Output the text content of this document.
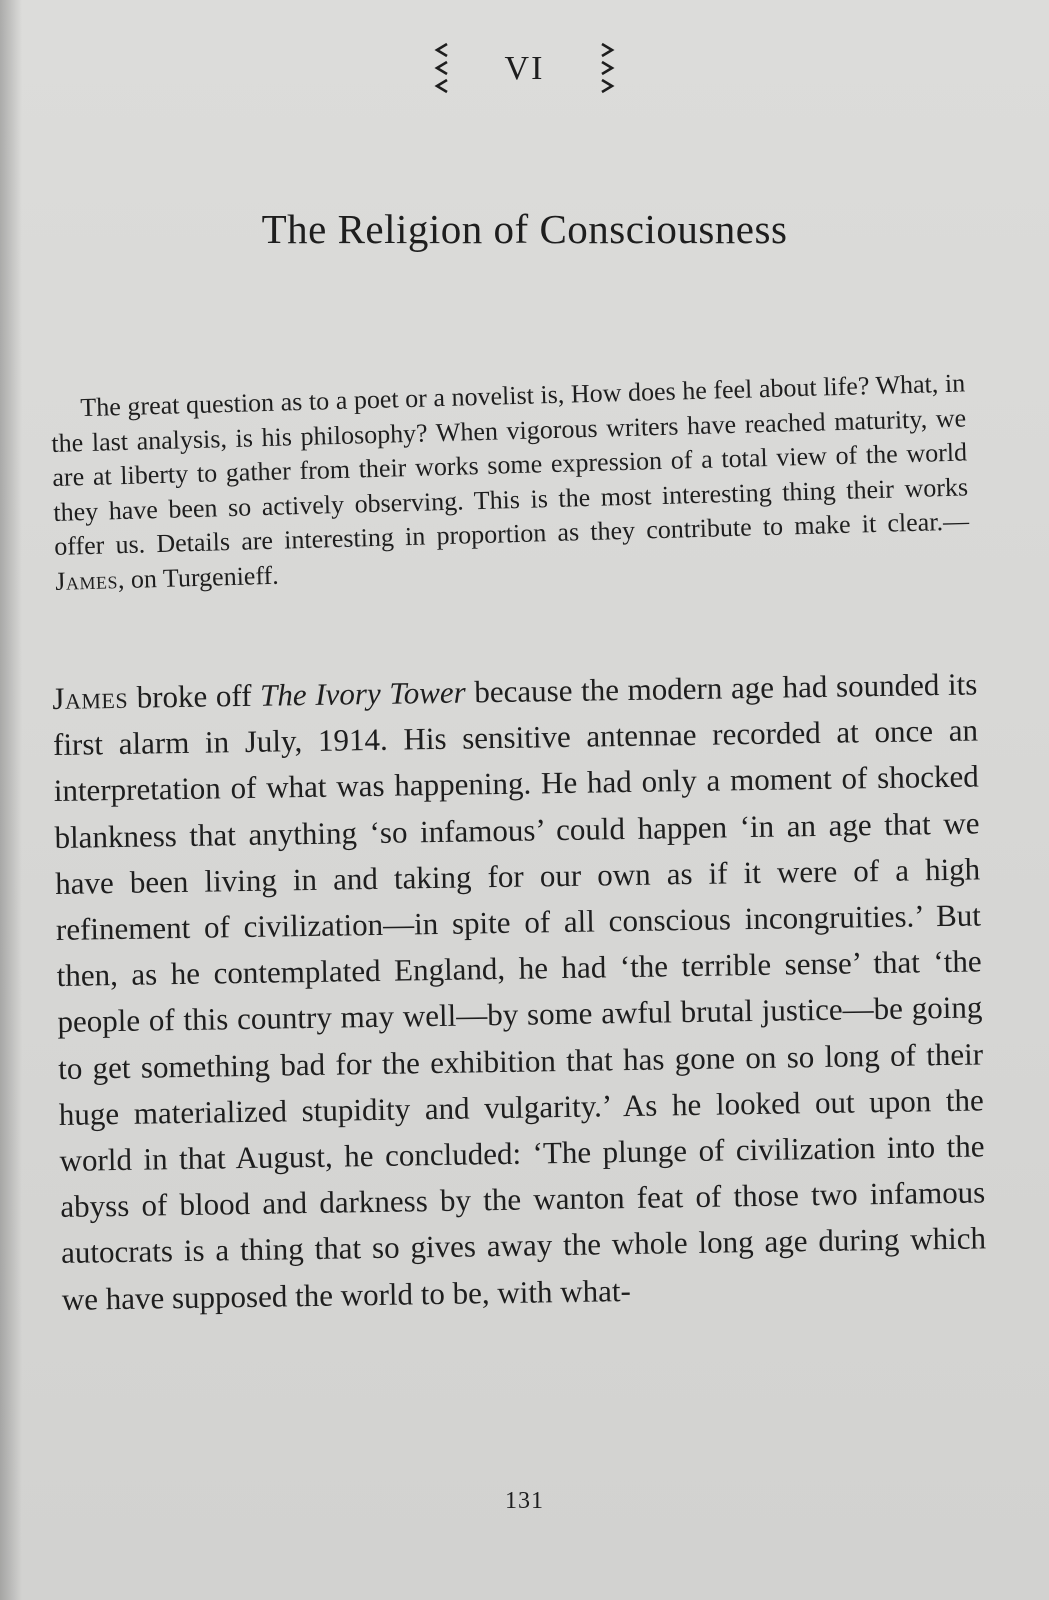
VI
The Religion of Consciousness

The great question as to a poet or a novelist is, How does he feel about life? What, in the last analysis, is his philosophy? When vigorous writers have reached maturity, we are at liberty to gather from their works some expression of a total view of the world they have been so actively observing. This is the most interesting thing their works offer us. Details are interesting in proportion as they contribute to make it clear.—James, on Turgenieff.

James broke off The Ivory Tower because the modern age had sounded its first alarm in July, 1914. His sensitive antennae recorded at once an interpretation of what was happening. He had only a moment of shocked blankness that anything ‘so infamous’ could happen ‘in an age that we have been living in and taking for our own as if it were of a high refinement of civilization—in spite of all conscious incongruities.’ But then, as he contemplated England, he had ‘the terrible sense’ that ‘the people of this country may well—by some awful brutal justice—be going to get something bad for the exhibition that has gone on so long of their huge materialized stupidity and vulgarity.’ As he looked out upon the world in that August, he concluded: ‘The plunge of civilization into the abyss of blood and darkness by the wanton feat of those two infamous autocrats is a thing that so gives away the whole long age during which we have supposed the world to be, with what-

131
